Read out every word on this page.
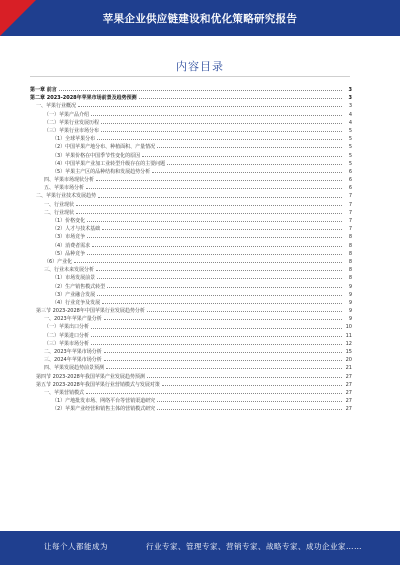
苹果企业供应链建设和优化策略研究报告
内容目录
第一章 前言	3
第二章 2023-2028年苹果市场前景及趋势预测	3
一、苹果行业概况	3
（一）苹果产品介绍	4
（二）苹果行业发展历程	4
（三）苹果行业市场分布	5
（1）全球苹果分布	5
（2）中国苹果产地分布、种植面积、产量情况	5
（3）苹果价格在中国季节性变化的原因	5
（4）中国苹果产业加工业转型升级存在的主要问题	5
（5）苹果主产区的品种结构和发展趋势分析	6
四、苹果市场现状分析	6
五、苹果市场分析	6
二、苹果行业技术发展趋势	7
一、行业现状	7
二、行业现状	7
（1）价格变化	7
（2）人才与技术基础	7
（3）市场竞争	8
（4）消费者需求	8
（5）品种竞争	8
（6）产业化	8
三、行业未来发展分析	8
（1）市场发展前景	8
（2）生产销售模式转型	9
（3）产业融合发展	9
（4）行业竞争及发展	9
第三节 2023-2028年中国苹果行业发展趋势分析	9
一、2023年苹果产量分析	9
（一）苹果出口分析	10
（二）苹果进口分析	11
（三）苹果市场分析	12
二、2023年苹果市场分析	15
三、2024年苹果市场分析	20
四、苹果发展趋势前景预测	21
第四节 2023-2028年我国苹果产业发展趋势预测	27
第五节 2023-2028年我国苹果行业营销模式与发展对策	27
一、苹果营销模式	27
（1）产地批发市场、网络平台等营销渠道研究	27
（2）苹果产业经营和销售主体的营销模式研究	27
让每个人都能成为	行业专家、管理专家、营销专家、战略专家、成功企业家……
